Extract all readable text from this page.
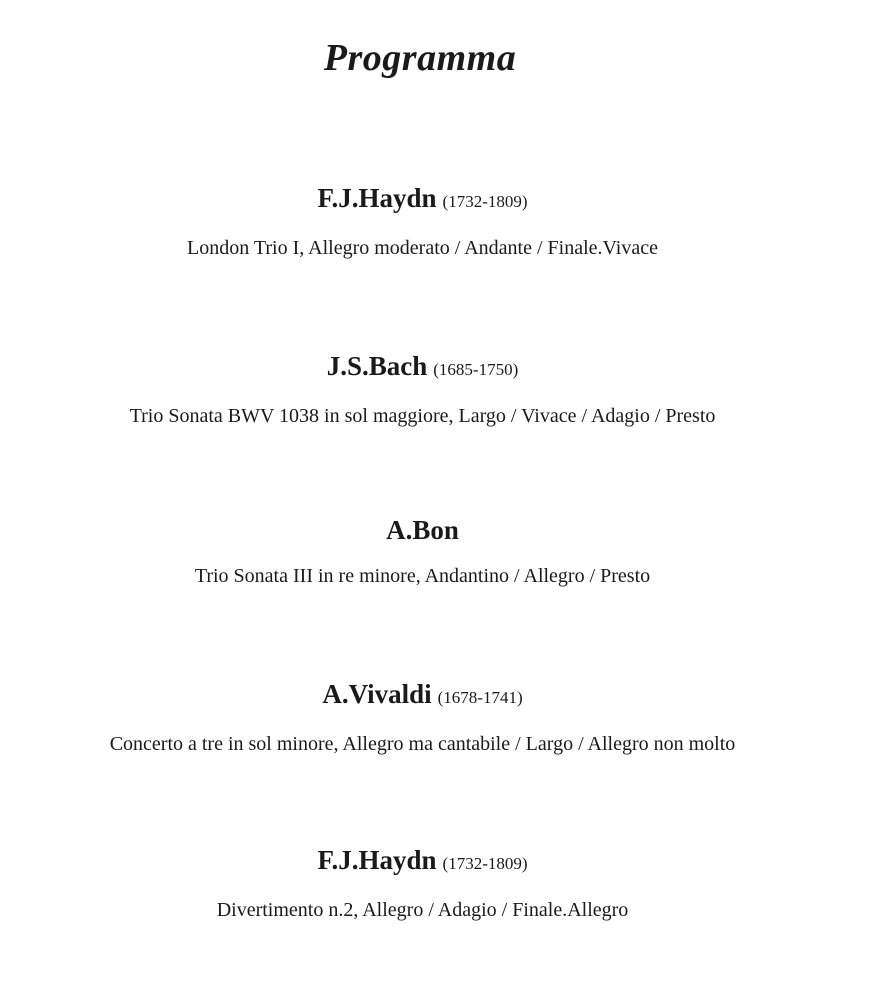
Programma
F.J.Haydn (1732-1809)
London Trio I, Allegro moderato / Andante / Finale.Vivace
J.S.Bach (1685-1750)
Trio Sonata BWV 1038 in sol maggiore, Largo / Vivace / Adagio / Presto
A.Bon
Trio Sonata III in re minore, Andantino / Allegro / Presto
A.Vivaldi (1678-1741)
Concerto a tre in sol minore, Allegro ma cantabile / Largo / Allegro non molto
F.J.Haydn (1732-1809)
Divertimento n.2, Allegro / Adagio / Finale.Allegro
